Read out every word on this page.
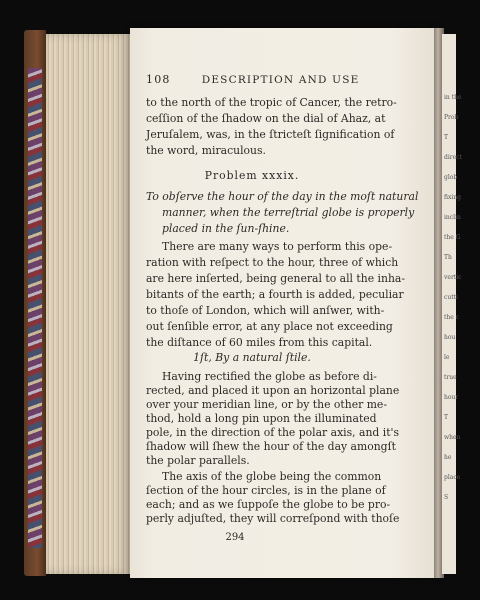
in the
Prob
T
direct
glob
fixing
inclin
the G
Th
vertic
cutti
the c
hou
le
true
hour
T
when
he
place
S
108	DESCRIPTION AND USE
to the north of the tropic of Cancer, the retro-
ceſſion of the ſhadow on the dial of Ahaz, at
Jeruſalem, was, in the ſtricteſt ſignification of
the word, miraculous.
Problem xxxix.
To obſerve the hour of the day in the moſt natural
manner, when the terreſtrial globe is properly
placed in the ſun-ſhine.
There are many ways to perform this ope-
ration with reſpect to the hour, three of which
are here inſerted, being general to all the inha-
bitants of the earth; a fourth is added, peculiar
to thoſe of London, which will anſwer, with-
out ſenſible error, at any place not exceeding
the diſtance of 60 miles from this capital.
1ſt, By a natural ſtile.
Having rectified the globe as before di-
rected, and placed it upon an horizontal plane
over your meridian line, or by the other me-
thod, hold a long pin upon the illuminated
pole, in the direction of the polar axis, and it's
ſhadow will ſhew the hour of the day amongſt
the polar parallels.
294
The axis of the globe being the common
ſection of the hour circles, is in the plane of
each; and as we ſuppoſe the globe to be pro-
perly adjuſted, they will correſpond with thoſe
